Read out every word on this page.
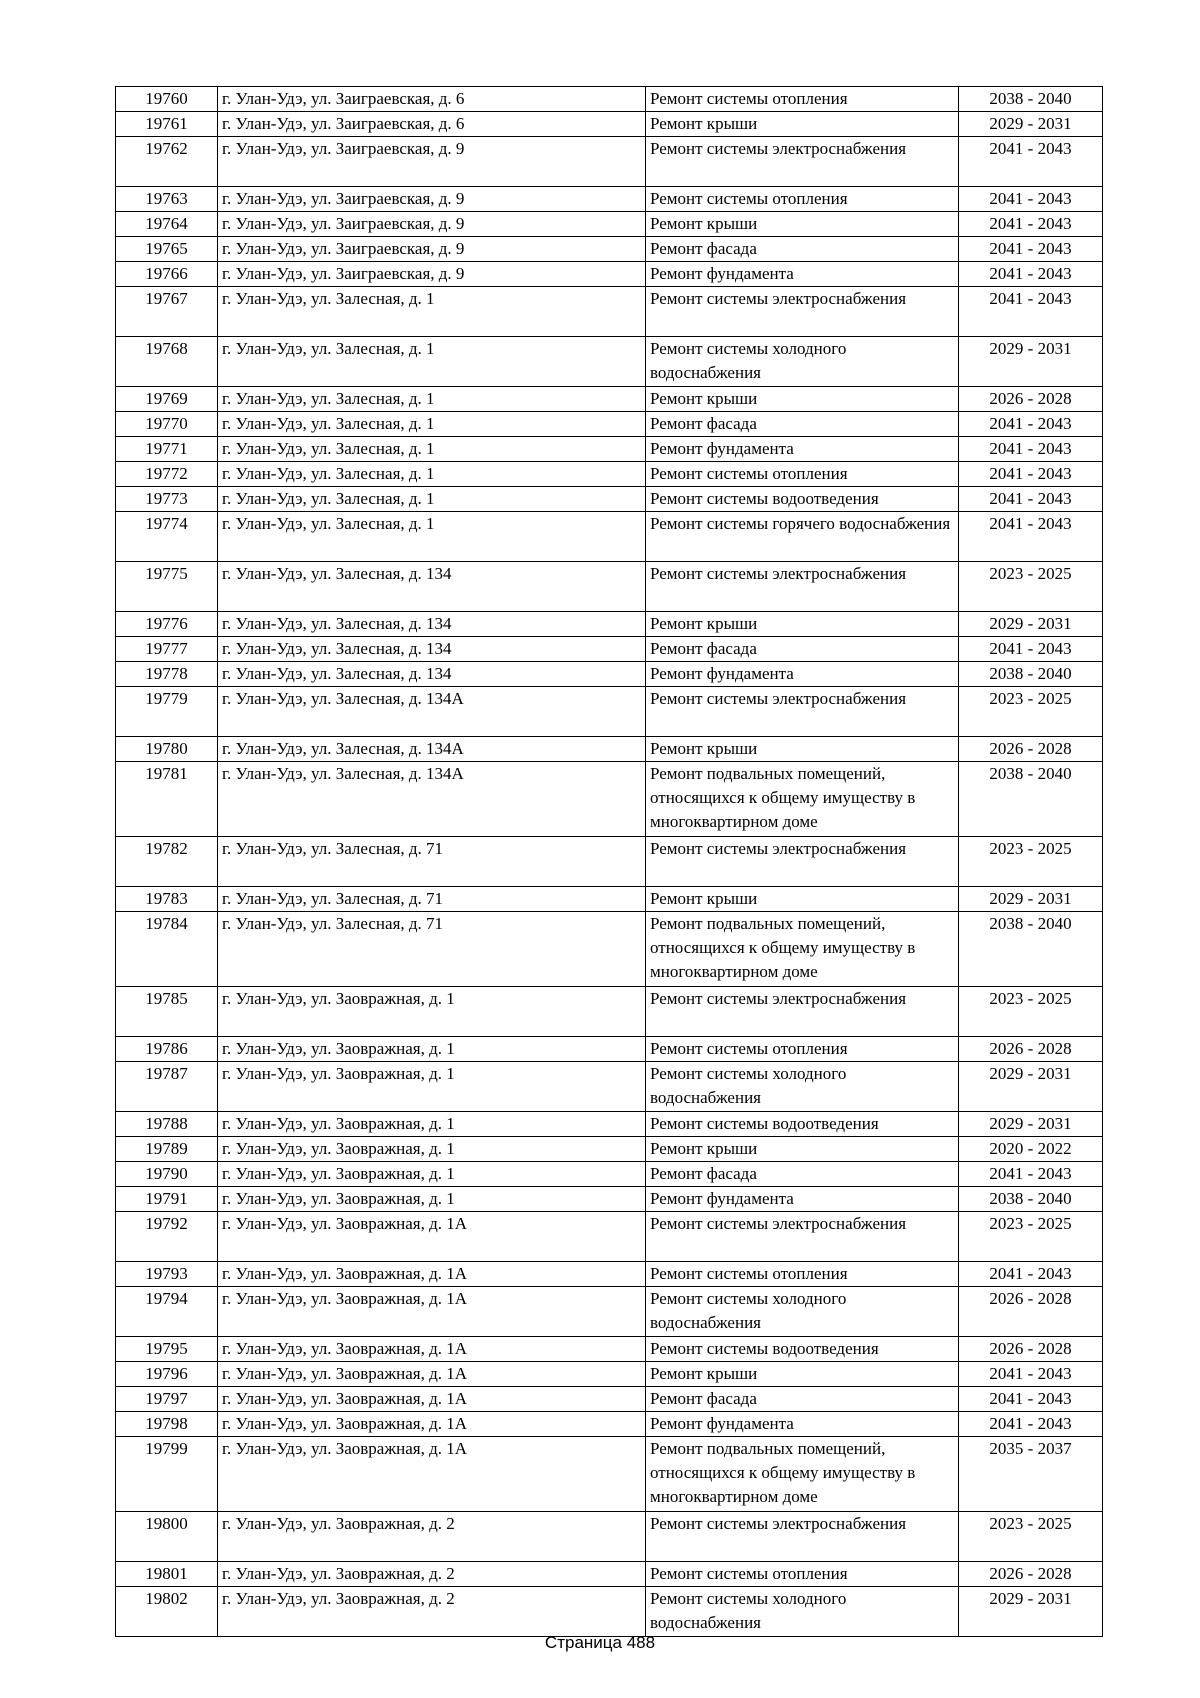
19760	г. Улан-Удэ, ул. Заиграевская, д. 6	Ремонт системы отопления	2038 - 2040
19761	г. Улан-Удэ, ул. Заиграевская, д. 6	Ремонт крыши	2029 - 2031
19762	г. Улан-Удэ, ул. Заиграевская, д. 9	Ремонт системы электроснабжения	2041 - 2043
19763	г. Улан-Удэ, ул. Заиграевская, д. 9	Ремонт системы отопления	2041 - 2043
19764	г. Улан-Удэ, ул. Заиграевская, д. 9	Ремонт крыши	2041 - 2043
19765	г. Улан-Удэ, ул. Заиграевская, д. 9	Ремонт фасада	2041 - 2043
19766	г. Улан-Удэ, ул. Заиграевская, д. 9	Ремонт фундамента	2041 - 2043
19767	г. Улан-Удэ, ул. Залесная, д. 1	Ремонт системы электроснабжения	2041 - 2043
19768	г. Улан-Удэ, ул. Залесная, д. 1	Ремонт системы холодного водоснабжения	2029 - 2031
19769	г. Улан-Удэ, ул. Залесная, д. 1	Ремонт крыши	2026 - 2028
19770	г. Улан-Удэ, ул. Залесная, д. 1	Ремонт фасада	2041 - 2043
19771	г. Улан-Удэ, ул. Залесная, д. 1	Ремонт фундамента	2041 - 2043
19772	г. Улан-Удэ, ул. Залесная, д. 1	Ремонт системы отопления	2041 - 2043
19773	г. Улан-Удэ, ул. Залесная, д. 1	Ремонт системы водоотведения	2041 - 2043
19774	г. Улан-Удэ, ул. Залесная, д. 1	Ремонт системы горячего водоснабжения	2041 - 2043
19775	г. Улан-Удэ, ул. Залесная, д. 134	Ремонт системы электроснабжения	2023 - 2025
19776	г. Улан-Удэ, ул. Залесная, д. 134	Ремонт крыши	2029 - 2031
19777	г. Улан-Удэ, ул. Залесная, д. 134	Ремонт фасада	2041 - 2043
19778	г. Улан-Удэ, ул. Залесная, д. 134	Ремонт фундамента	2038 - 2040
19779	г. Улан-Удэ, ул. Залесная, д. 134А	Ремонт системы электроснабжения	2023 - 2025
19780	г. Улан-Удэ, ул. Залесная, д. 134А	Ремонт крыши	2026 - 2028
19781	г. Улан-Удэ, ул. Залесная, д. 134А	Ремонт подвальных помещений, относящихся к общему имуществу в многоквартирном доме	2038 - 2040
19782	г. Улан-Удэ, ул. Залесная, д. 71	Ремонт системы электроснабжения	2023 - 2025
19783	г. Улан-Удэ, ул. Залесная, д. 71	Ремонт крыши	2029 - 2031
19784	г. Улан-Удэ, ул. Залесная, д. 71	Ремонт подвальных помещений, относящихся к общему имуществу в многоквартирном доме	2038 - 2040
19785	г. Улан-Удэ, ул. Заовражная, д. 1	Ремонт системы электроснабжения	2023 - 2025
19786	г. Улан-Удэ, ул. Заовражная, д. 1	Ремонт системы отопления	2026 - 2028
19787	г. Улан-Удэ, ул. Заовражная, д. 1	Ремонт системы холодного водоснабжения	2029 - 2031
19788	г. Улан-Удэ, ул. Заовражная, д. 1	Ремонт системы водоотведения	2029 - 2031
19789	г. Улан-Удэ, ул. Заовражная, д. 1	Ремонт крыши	2020 - 2022
19790	г. Улан-Удэ, ул. Заовражная, д. 1	Ремонт фасада	2041 - 2043
19791	г. Улан-Удэ, ул. Заовражная, д. 1	Ремонт фундамента	2038 - 2040
19792	г. Улан-Удэ, ул. Заовражная, д. 1А	Ремонт системы электроснабжения	2023 - 2025
19793	г. Улан-Удэ, ул. Заовражная, д. 1А	Ремонт системы отопления	2041 - 2043
19794	г. Улан-Удэ, ул. Заовражная, д. 1А	Ремонт системы холодного водоснабжения	2026 - 2028
19795	г. Улан-Удэ, ул. Заовражная, д. 1А	Ремонт системы водоотведения	2026 - 2028
19796	г. Улан-Удэ, ул. Заовражная, д. 1А	Ремонт крыши	2041 - 2043
19797	г. Улан-Удэ, ул. Заовражная, д. 1А	Ремонт фасада	2041 - 2043
19798	г. Улан-Удэ, ул. Заовражная, д. 1А	Ремонт фундамента	2041 - 2043
19799	г. Улан-Удэ, ул. Заовражная, д. 1А	Ремонт подвальных помещений, относящихся к общему имуществу в многоквартирном доме	2035 - 2037
19800	г. Улан-Удэ, ул. Заовражная, д. 2	Ремонт системы электроснабжения	2023 - 2025
19801	г. Улан-Удэ, ул. Заовражная, д. 2	Ремонт системы отопления	2026 - 2028
19802	г. Улан-Удэ, ул. Заовражная, д. 2	Ремонт системы холодного водоснабжения	2029 - 2031
Страница 488
